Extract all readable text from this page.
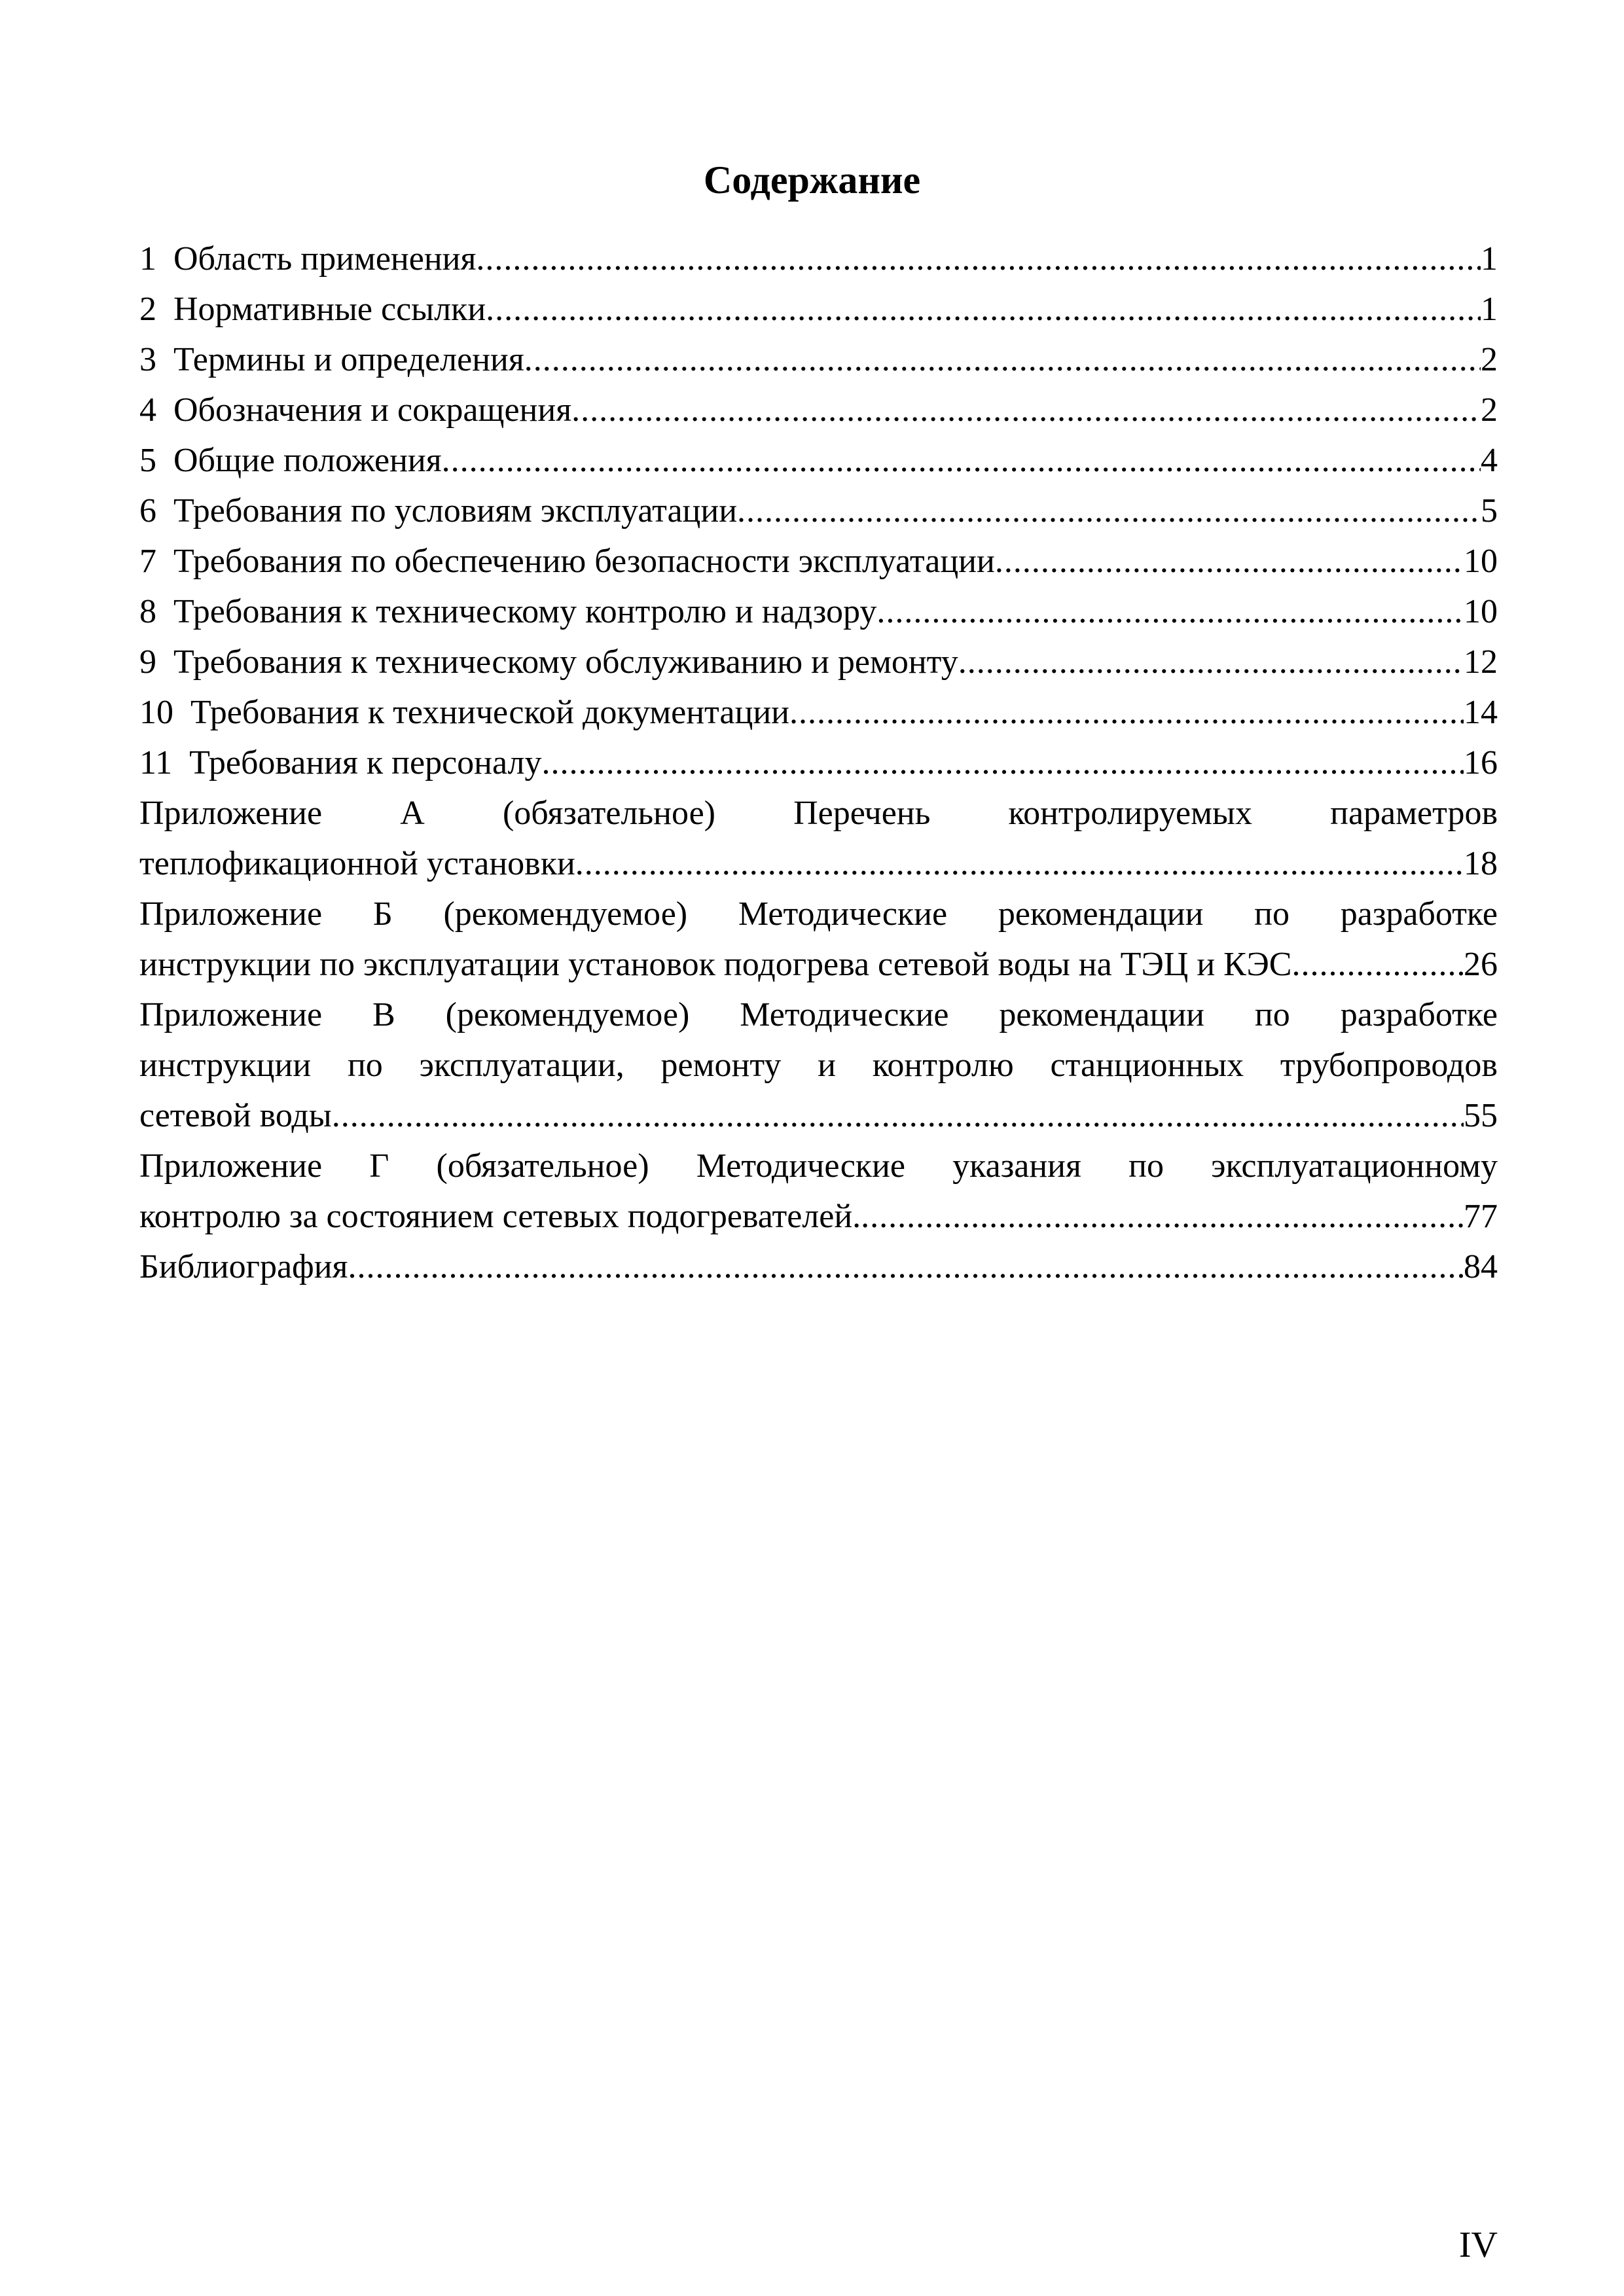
Содержание
1 Область применения .....	1
2 Нормативные ссылки .....	1
3 Термины и определения .....	2
4 Обозначения и сокращения .....	2
5 Общие положения .....	4
6 Требования по условиям эксплуатации .....	5
7 Требования по обеспечению безопасности эксплуатации .....	10
8 Требования к техническому контролю и надзору .....	10
9 Требования к техническому обслуживанию и ремонту .....	12
10 Требования к технической документации .....	14
11 Требования к персоналу .....	16
Приложение А (обязательное) Перечень контролируемых параметров
теплофикационной установки .....	18
Приложение Б (рекомендуемое) Методические рекомендации по разработке
инструкции по эксплуатации установок подогрева сетевой воды на ТЭЦ и КЭС .....	26
Приложение В (рекомендуемое) Методические рекомендации по разработке
инструкции по эксплуатации, ремонту и контролю станционных трубопроводов
сетевой воды .....	55
Приложение Г (обязательное) Методические указания по эксплуатационному
контролю за состоянием сетевых подогревателей. .....	77
Библиография .....	84
IV
